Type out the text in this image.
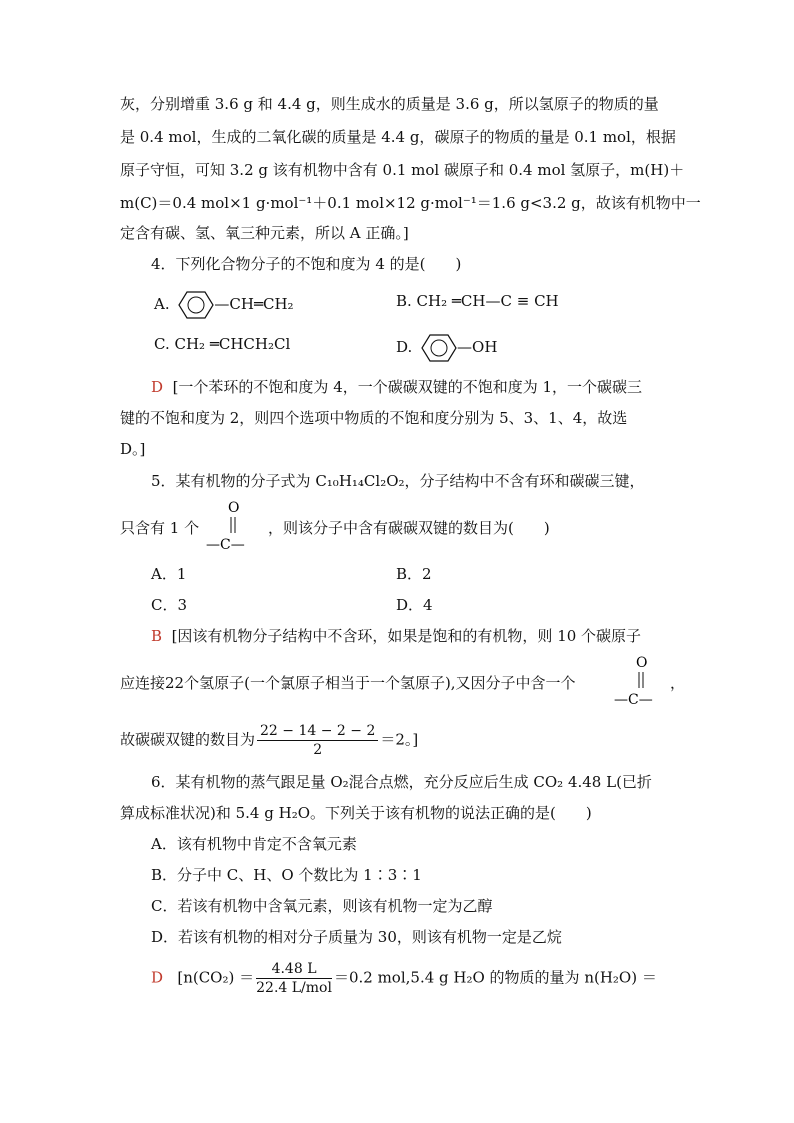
灰，分别增重 3.6 g 和 4.4 g，则生成水的质量是 3.6 g，所以氢原子的物质的量
是 0.4 mol，生成的二氧化碳的质量是 4.4 g，碳原子的物质的量是 0.1 mol，根据
原子守恒，可知 3.2 g 该有机物中含有 0.1 mol 碳原子和 0.4 mol 氢原子，m(H)＋
m(C)＝0.4 mol×1 g·mol⁻¹＋0.1 mol×12 g·mol⁻¹＝1.6 g<3.2 g，故该有机物中一
定含有碳、氢、氧三种元素，所以 A 正确。]
4．下列化合物分子的不饱和度为 4 的是(　　)
A.	—CH═CH₂	B. CH₂ ═CH—C ≡ CH
C. CH₂ ═CHCH₂Cl	D.	—OH
D [一个苯环的不饱和度为 4，一个碳碳双键的不饱和度为 1，一个碳碳三
键的不饱和度为 2，则四个选项中物质的不饱和度分别为 5、3、1、4，故选
D。]
5．某有机物的分子式为 C₁₀H₁₄Cl₂O₂，分子结构中不含有环和碳碳三键，
只含有 1 个
O
—C—
，则该分子中含有碳碳双键的数目为(　　)
A．1	B．2
C．3	D．4
B [因该有机物分子结构中不含环，如果是饱和的有机物，则 10 个碳原子
应连接22个氢原子(一个氯原子相当于一个氢原子),又因分子中含一个
O
—C—
，
故碳碳双键的数目为 $\frac{22 - 14 - 2 - 2}{2} =2$。]
6．某有机物的蒸气跟足量 O₂混合点燃，充分反应后生成 CO₂ 4.48 L(已折
算成标准状况)和 5.4 g H₂O。下列关于该有机物的说法正确的是(　　)
A．该有机物中肯定不含氧元素
B．分子中 C、H、O 个数比为 1∶3∶1
C．若该有机物中含氧元素，则该有机物一定为乙醇
D．若该有机物的相对分子质量为 30，则该有机物一定是乙烷
D [$n(CO_2) = \frac{4.48 L}{\text{22.4 L/mol}} =0.2$ mol,5.4 g H₂O 的物质的量为 n(H₂O) ＝
